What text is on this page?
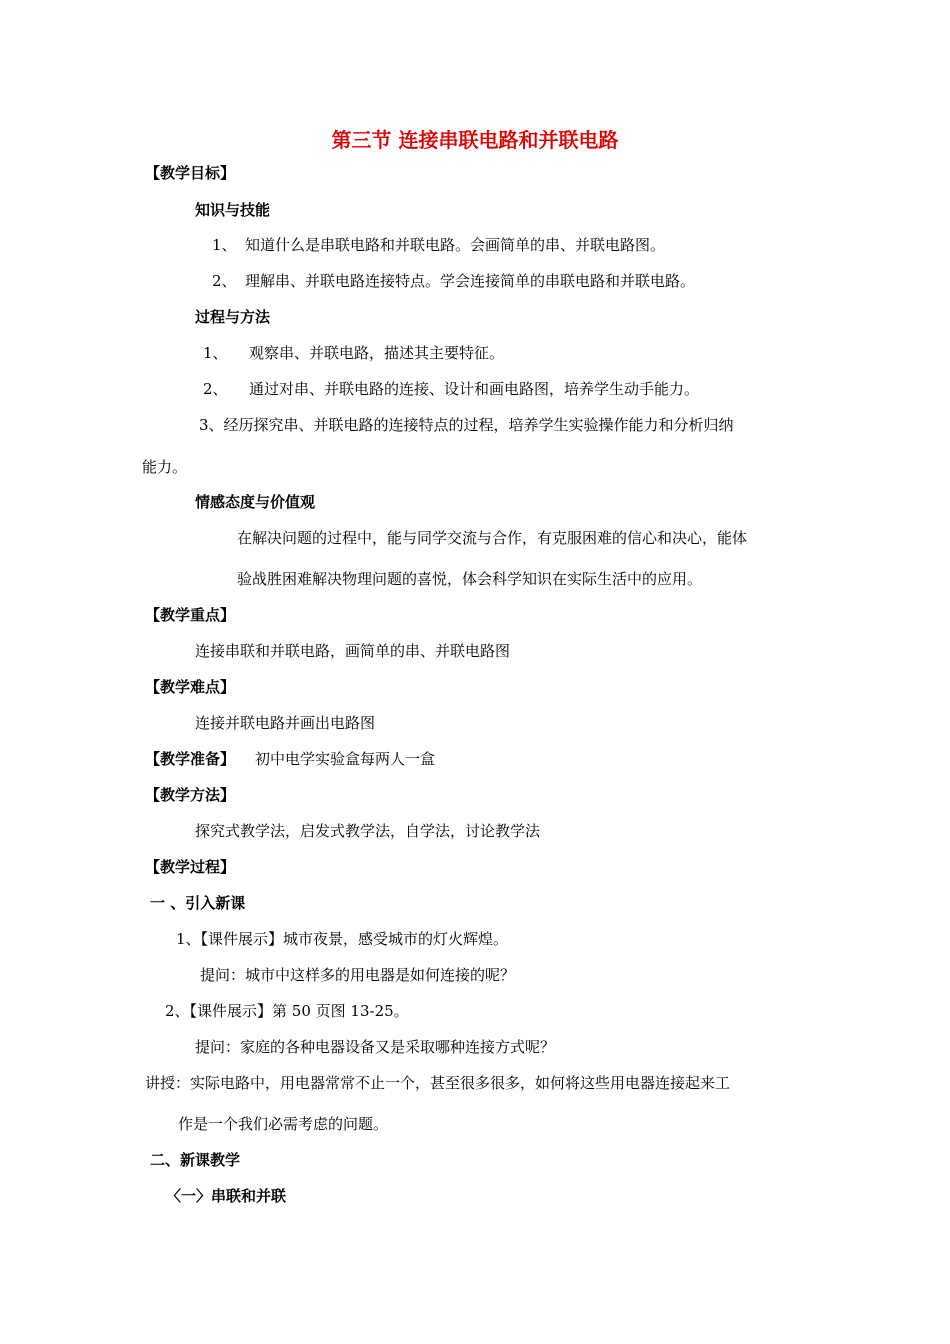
第三节 连接串联电路和并联电路
【教学目标】
知识与技能
1、 知道什么是串联电路和并联电路。会画简单的串、并联电路图。
2、 理解串、并联电路连接特点。学会连接简单的串联电路和并联电路。
过程与方法
1、 观察串、并联电路，描述其主要特征。
2、 通过对串、并联电路的连接、设计和画电路图，培养学生动手能力。
3、经历探究串、并联电路的连接特点的过程，培养学生实验操作能力和分析归纳
能力。
情感态度与价值观
在解决问题的过程中，能与同学交流与合作，有克服困难的信心和决心，能体
验战胜困难解决物理问题的喜悦，体会科学知识在实际生活中的应用。
【教学重点】
连接串联和并联电路，画简单的串、并联电路图
【教学难点】
连接并联电路并画出电路图
【教学准备】 初中电学实验盒每两人一盒
【教学方法】
探究式教学法，启发式教学法，自学法，讨论教学法
【教学过程】
一 、引入新课
1、【课件展示】城市夜景，感受城市的灯火辉煌。
提问：城市中这样多的用电器是如何连接的呢？
2、【课件展示】第 50 页图 13-25。
提问：家庭的各种电器设备又是采取哪种连接方式呢？
讲授：实际电路中，用电器常常不止一个，甚至很多很多，如何将这些用电器连接起来工
作是一个我们必需考虑的问题。
二、新课教学
〈一〉串联和并联
